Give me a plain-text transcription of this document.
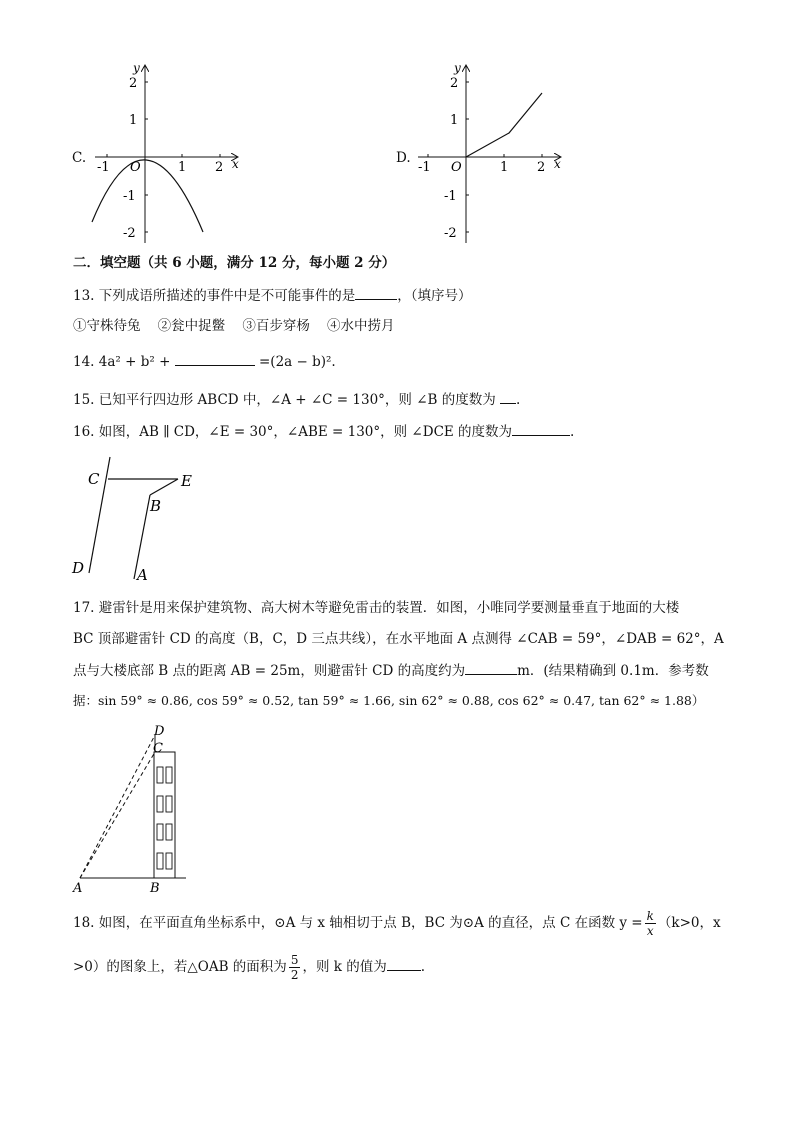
C.
-1	1 2
2
1
-1
-2
O	x
y
D.
-1	1 2
2
1
-1
-2
O	x
y
二．填空题（共 6 小题，满分 12 分，每小题 2 分）
13. 下列成语所描述的事件中是不可能事件的是	，（填序号）
①守株待兔    ②瓮中捉鳖    ③百步穿杨    ④水中捞月
14. 4a² + b² +	=(2a − b)².
15. 已知平行四边形 ABCD 中，∠A + ∠C = 130°，则 ∠B 的度数为 .
16. 如图，AB ∥ CD，∠E = 30°，∠ABE = 130°，则 ∠DCE 的度数为	.
C	E
B
D	A
17. 避雷针是用来保护建筑物、高大树木等避免雷击的装置．如图，小唯同学要测量垂直于地面的大楼
BC 顶部避雷针 CD 的高度（B，C，D 三点共线），在水平地面 A 点测得 ∠CAB = 59°，∠DAB = 62°，A
点与大楼底部 B 点的距离 AB = 25m，则避雷针 CD 的高度约为	m．(结果精确到 0.1m．参考数
据：sin 59° ≈ 0.86, cos 59° ≈ 0.52, tan 59° ≈ 1.66, sin 62° ≈ 0.88, cos 62° ≈ 0.47, tan 62° ≈ 1.88）
D
C
A	B
18. 如图，在平面直角坐标系中，⊙A 与 x 轴相切于点 B，BC 为⊙A 的直径，点 C 在函数 $y = \frac{k}{x} (k>0$，x
>0）的图象上，若△OAB 的面积为 $\frac{5}{2}$ ，则 k 的值为	.
